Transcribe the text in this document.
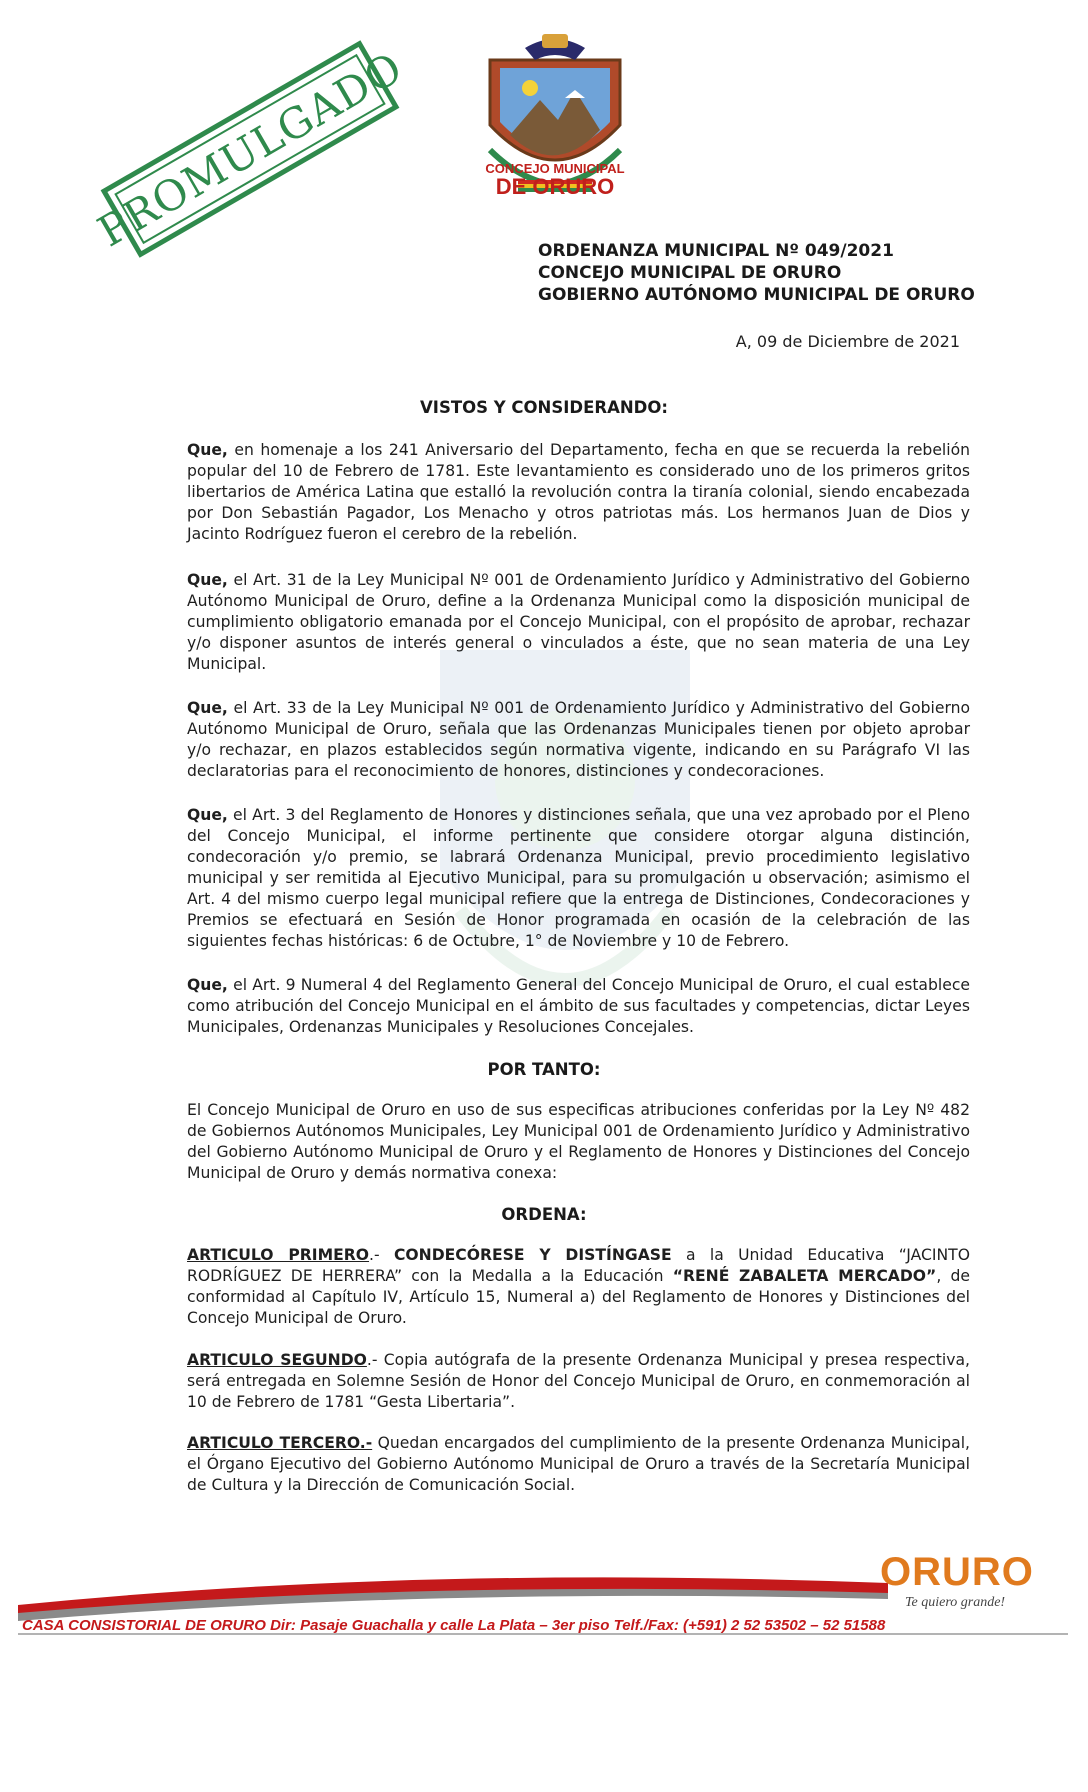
PROMULGADO	CONCEJO MUNICIPAL
DE ORURO
ORDENANZA MUNICIPAL Nº 049/2021
CONCEJO MUNICIPAL DE ORURO
GOBIERNO AUTÓNOMO MUNICIPAL DE ORURO
A, 09 de Diciembre de 2021
VISTOS Y CONSIDERANDO:
Que, en homenaje a los 241 Aniversario del Departamento, fecha en que se recuerda la rebelión popular del 10 de Febrero de 1781. Este levantamiento es considerado uno de los primeros gritos libertarios de América Latina que estalló la revolución contra la tiranía colonial, siendo encabezada por Don Sebastián Pagador, Los Menacho y otros patriotas más. Los hermanos Juan de Dios y Jacinto Rodríguez fueron el cerebro de la rebelión.
Que, el Art. 31 de la Ley Municipal Nº 001 de Ordenamiento Jurídico y Administrativo del Gobierno Autónomo Municipal de Oruro, define a la Ordenanza Municipal como la disposición municipal de cumplimiento obligatorio emanada por el Concejo Municipal, con el propósito de aprobar, rechazar y/o disponer asuntos de interés general o vinculados a éste, que no sean materia de una Ley Municipal.
Que, el Art. 33 de la Ley Municipal Nº 001 de Ordenamiento Jurídico y Administrativo del Gobierno Autónomo Municipal de Oruro, señala que las Ordenanzas Municipales tienen por objeto aprobar y/o rechazar, en plazos establecidos según normativa vigente, indicando en su Parágrafo VI las declaratorias para el reconocimiento de honores, distinciones y condecoraciones.
Que, el Art. 3 del Reglamento de Honores y distinciones señala, que una vez aprobado por el Pleno del Concejo Municipal, el informe pertinente que considere otorgar alguna distinción, condecoración y/o premio, se labrará Ordenanza Municipal, previo procedimiento legislativo municipal y ser remitida al Ejecutivo Municipal, para su promulgación u observación; asimismo el Art. 4 del mismo cuerpo legal municipal refiere que la entrega de Distinciones, Condecoraciones y Premios se efectuará en Sesión de Honor programada en ocasión de la celebración de las siguientes fechas históricas: 6 de Octubre, 1° de Noviembre y 10 de Febrero.
Que, el Art. 9 Numeral 4 del Reglamento General del Concejo Municipal de Oruro, el cual establece como atribución del Concejo Municipal en el ámbito de sus facultades y competencias, dictar Leyes Municipales, Ordenanzas Municipales y Resoluciones Concejales.
POR TANTO:
El Concejo Municipal de Oruro en uso de sus especificas atribuciones conferidas por la Ley Nº 482 de Gobiernos Autónomos Municipales, Ley Municipal 001 de Ordenamiento Jurídico y Administrativo del Gobierno Autónomo Municipal de Oruro y el Reglamento de Honores y Distinciones del Concejo Municipal de Oruro y demás normativa conexa:
ORDENA:
ARTICULO PRIMERO.- CONDECÓRESE Y DISTÍNGASE a la Unidad Educativa “JACINTO RODRÍGUEZ DE HERRERA” con la Medalla a la Educación “RENÉ ZABALETA MERCADO”, de conformidad al Capítulo IV, Artículo 15, Numeral a) del Reglamento de Honores y Distinciones del Concejo Municipal de Oruro.
ARTICULO SEGUNDO.- Copia autógrafa de la presente Ordenanza Municipal y presea respectiva, será entregada en Solemne Sesión de Honor del Concejo Municipal de Oruro, en conmemoración al 10 de Febrero de 1781 “Gesta Libertaria”.
ARTICULO TERCERO.- Quedan encargados del cumplimiento de la presente Ordenanza Municipal, el Órgano Ejecutivo del Gobierno Autónomo Municipal de Oruro a través de la Secretaría Municipal de Cultura y la Dirección de Comunicación Social.
ORURO
Te quiero grande!
CASA CONSISTORIAL DE ORURO Dir: Pasaje Guachalla y calle La Plata – 3er piso Telf./Fax: (+591) 2 52 53502 – 52 51588
